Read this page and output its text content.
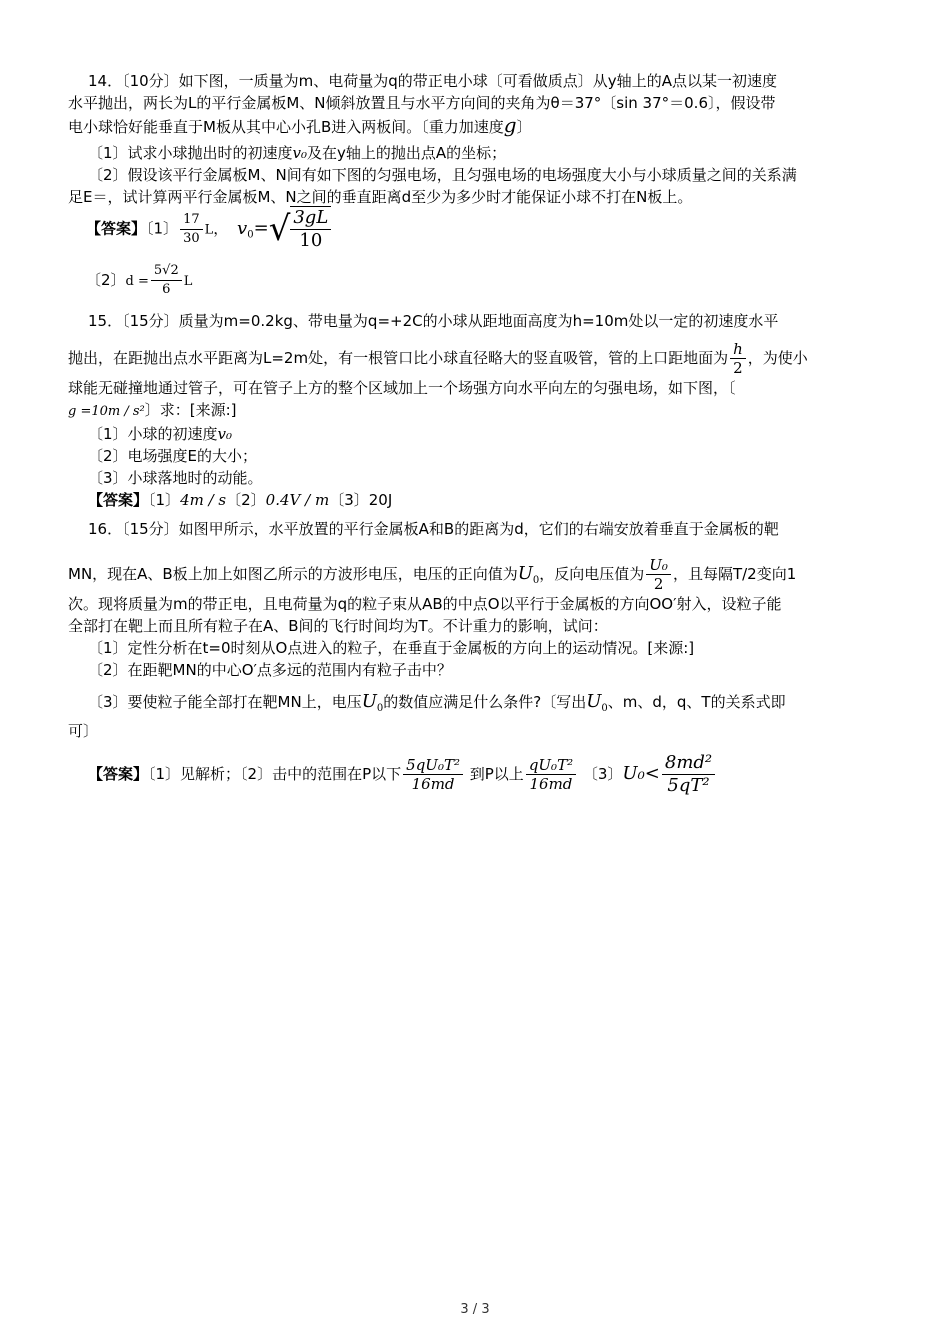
14．〔10分〕如下图，一质量为m、电荷量为q的带正电小球〔可看做质点〕从y轴上的A点以某一初速度
水平抛出，两长为L的平行金属板M、N倾斜放置且与水平方向间的夹角为θ＝37°〔sin 37°＝0.6〕，假设带
电小球恰好能垂直于M板从其中心小孔B进入两板间。〔重力加速度g〕
〔1〕试求小球抛出时的初速度v₀及在y轴上的抛出点A的坐标；
〔2〕假设该平行金属板M、N间有如下图的匀强电场，且匀强电场的电场强度大小与小球质量之间的关系满
足E＝，试计算两平行金属板M、N之间的垂直距离d至少为多少时才能保证小球不打在N板上。
【答案】〔1〕 $\frac{17}{30}$ L， $v_0=√ \frac{3gL}{10}$
〔2〕$d = \frac{5√2}{6}$ L
15．〔15分〕质量为m=0.2kg、带电量为q=+2C的小球从距地面高度为h=10m处以一定的初速度水平
抛出，在距抛出点水平距离为L=2m处，有一根管口比小球直径略大的竖直吸管，管的上口距地面为 $\frac{h}{2}$ ，为使小
球能无碰撞地通过管子，可在管子上方的整个区域加上一个场强方向水平向左的匀强电场，如下图，〔
g =10m / s²〕求：[来源:]
〔1〕小球的初速度v₀
〔2〕电场强度E的大小；
〔3〕小球落地时的动能。
【答案】〔1〕4m / s〔2〕0.4V / m〔3〕20J
16．〔15分〕如图甲所示，水平放置的平行金属板A和B的距离为d，它们的右端安放着垂直于金属板的靶
MN，现在A、B板上加上如图乙所示的方波形电压，电压的正向值为$U_0$，反向电压值为 $\frac{\text{U₀}}{2}$ ，且每隔T/2变向1
次。现将质量为m的带正电，且电荷量为q的粒子束从AB的中点O以平行于金属板的方向OO′射入，设粒子能
全部打在靶上而且所有粒子在A、B间的飞行时间均为T。不计重力的影响，试问：
〔1〕定性分析在t=0时刻从O点进入的粒子，在垂直于金属板的方向上的运动情况。[来源:]
〔2〕在距靶MN的中心O′点多远的范围内有粒子击中？
〔3〕要使粒子能全部打在靶MN上，电压$U_0$的数值应满足什么条件?〔写出$U_0$、m、d，q、T的关系式即
可〕
【答案】〔1〕见解析；〔2〕击中的范围在P以下 $\frac{\text{5qU₀T²}}{16md}$ 到P以上 $\frac{\text{qU₀T²}}{16md}$ 〔3〕$U_0< \frac{\text{8md²}}{\text{5qT²}}$
3 / 3
